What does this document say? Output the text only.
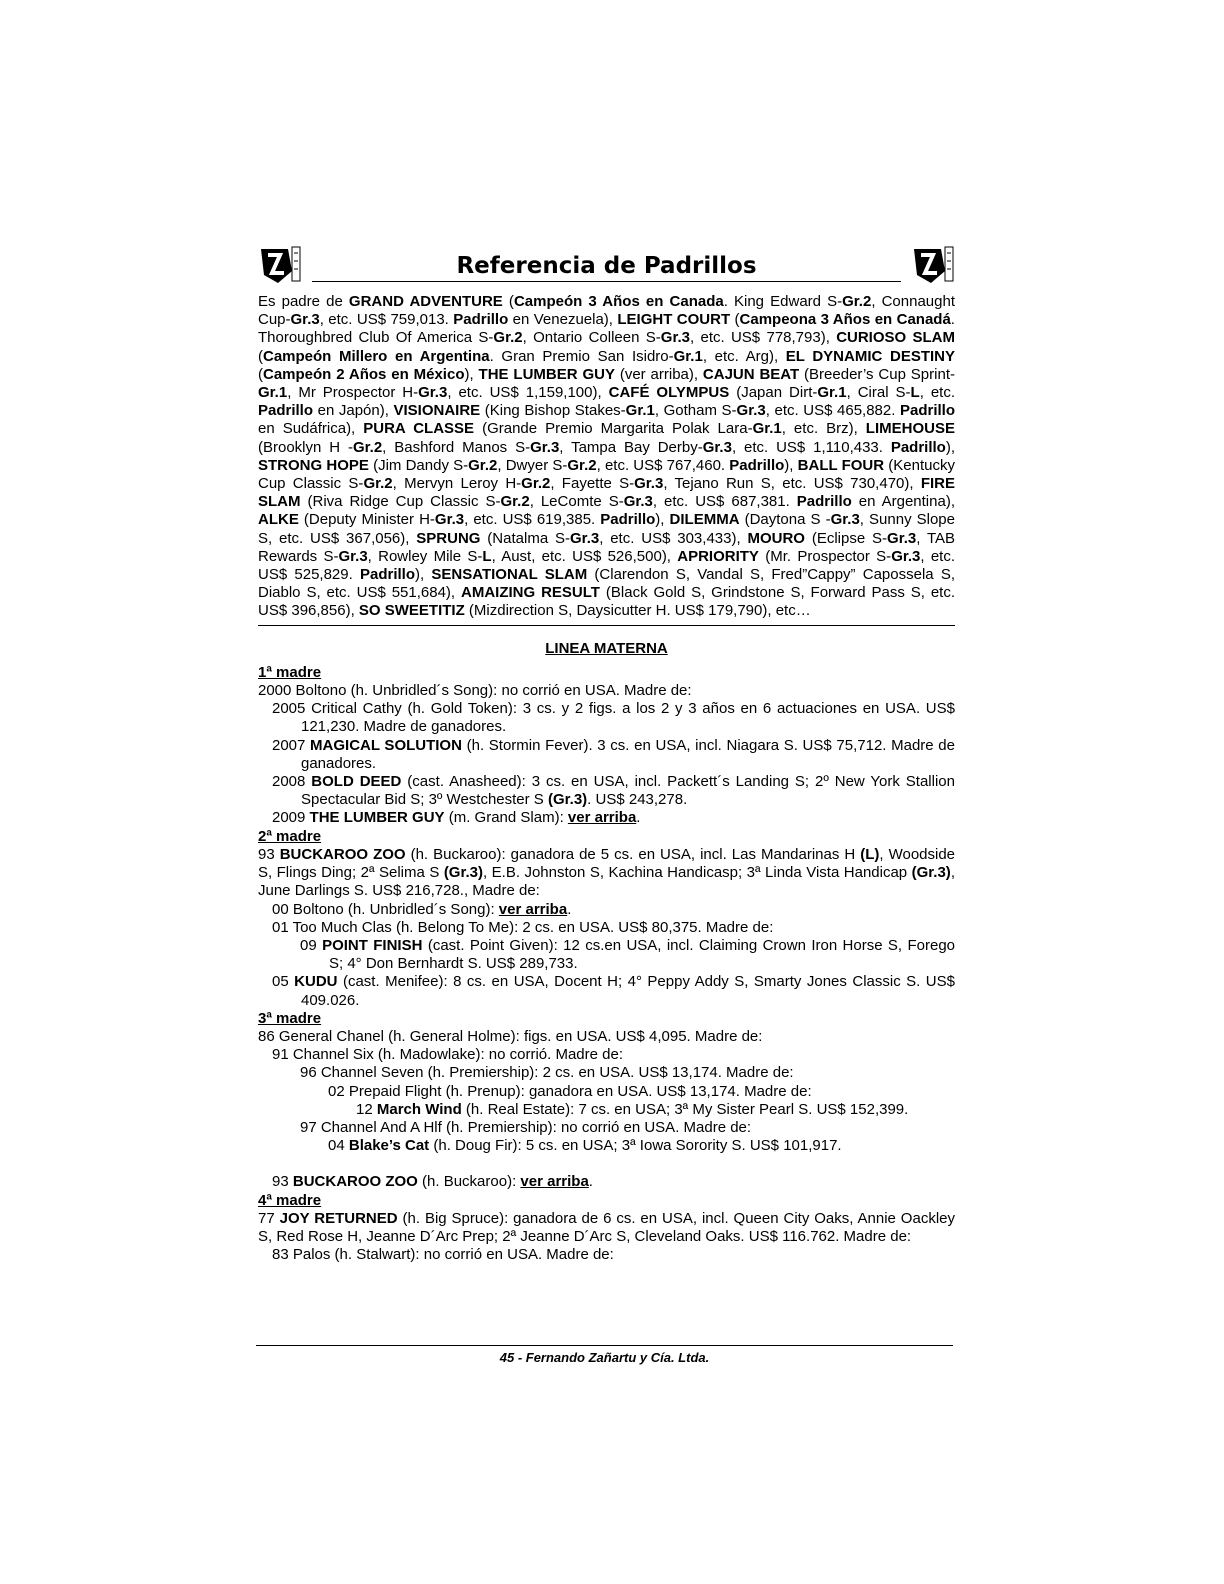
Referencia de Padrillos

Es padre de GRAND ADVENTURE (Campeón 3 Años en Canada. King Edward S-Gr.2, Connaught Cup-Gr.3, etc. US$ 759,013. Padrillo en Venezuela), LEIGHT COURT (Campeona 3 Años en Canadá. Thoroughbred Club Of America S-Gr.2, Ontario Colleen S-Gr.3, etc. US$ 778,793), CURIOSO SLAM (Campeón Millero en Argentina. Gran Premio San Isidro-Gr.1, etc. Arg), EL DYNAMIC DESTINY (Campeón 2 Años en México), THE LUMBER GUY (ver arriba), CAJUN BEAT (Breeder’s Cup Sprint-Gr.1, Mr Prospector H-Gr.3, etc. US$ 1,159,100), CAFÉ OLYMPUS (Japan Dirt-Gr.1, Ciral S-L, etc. Padrillo en Japón), VISIONAIRE (King Bishop Stakes-Gr.1, Gotham S-Gr.3, etc. US$ 465,882. Padrillo en Sudáfrica), PURA CLASSE (Grande Premio Margarita Polak Lara-Gr.1, etc. Brz), LIMEHOUSE (Brooklyn H -Gr.2, Bashford Manos S-Gr.3, Tampa Bay Derby-Gr.3, etc. US$ 1,110,433. Padrillo), STRONG HOPE (Jim Dandy S-Gr.2, Dwyer S-Gr.2, etc. US$ 767,460. Padrillo), BALL FOUR (Kentucky Cup Classic S-Gr.2, Mervyn Leroy H-Gr.2, Fayette S-Gr.3, Tejano Run S, etc. US$ 730,470), FIRE SLAM (Riva Ridge Cup Classic S-Gr.2, LeComte S-Gr.3, etc. US$ 687,381. Padrillo en Argentina), ALKE (Deputy Minister H-Gr.3, etc. US$ 619,385. Padrillo), DILEMMA (Daytona S -Gr.3, Sunny Slope S, etc. US$ 367,056), SPRUNG (Natalma S-Gr.3, etc. US$ 303,433), MOURO (Eclipse S-Gr.3, TAB Rewards S-Gr.3, Rowley Mile S-L, Aust, etc. US$ 526,500), APRIORITY (Mr. Prospector S-Gr.3, etc. US$ 525,829. Padrillo), SENSATIONAL SLAM (Clarendon S, Vandal S, Fred”Cappy” Capossela S, Diablo S, etc. US$ 551,684), AMAIZING RESULT (Black Gold S, Grindstone S, Forward Pass S, etc. US$ 396,856), SO SWEETITIZ (Mizdirection S, Daysicutter H. US$ 179,790), etc…

LINEA MATERNA
1ª madre
2000 Boltono (h. Unbridled´s Song): no corrió en USA. Madre de:
2005 Critical Cathy (h. Gold Token): 3 cs. y 2 figs. a los 2 y 3 años en 6 actuaciones en USA. US$ 121,230. Madre de ganadores.
2007 MAGICAL SOLUTION (h. Stormin Fever). 3 cs. en USA, incl. Niagara S. US$ 75,712. Madre de ganadores.
2008 BOLD DEED (cast. Anasheed): 3 cs. en USA, incl. Packett´s Landing S; 2º New York Stallion Spectacular Bid S; 3º Westchester S (Gr.3). US$ 243,278.
2009 THE LUMBER GUY (m. Grand Slam): ver arriba.
2ª madre
93 BUCKAROO ZOO (h. Buckaroo): ganadora de 5 cs. en USA, incl. Las Mandarinas H (L), Woodside S, Flings Ding; 2ª Selima S (Gr.3), E.B. Johnston S, Kachina Handicasp; 3ª Linda Vista Handicap (Gr.3), June Darlings S. US$ 216,728., Madre de:
00 Boltono (h. Unbridled´s Song): ver arriba.
01 Too Much Clas (h. Belong To Me): 2 cs. en USA. US$ 80,375. Madre de:
09 POINT FINISH (cast. Point Given): 12 cs.en USA, incl. Claiming Crown Iron Horse S, Forego S; 4° Don Bernhardt S. US$ 289,733.
05 KUDU (cast. Menifee): 8 cs. en USA, Docent H; 4° Peppy Addy S, Smarty Jones Classic S. US$ 409.026.
3ª madre
86 General Chanel (h. General Holme): figs. en USA. US$ 4,095. Madre de:
91 Channel Six (h. Madowlake): no corrió. Madre de:
96 Channel Seven (h. Premiership): 2 cs. en USA. US$ 13,174. Madre de:
02 Prepaid Flight (h. Prenup): ganadora en USA. US$ 13,174. Madre de:
12 March Wind (h. Real Estate): 7 cs. en USA; 3ª My Sister Pearl S. US$ 152,399.
97 Channel And A Hlf (h. Premiership): no corrió en USA. Madre de:
04 Blake’s Cat (h. Doug Fir): 5 cs. en USA; 3ª Iowa Sorority S. US$ 101,917.
93 BUCKAROO ZOO (h. Buckaroo): ver arriba.
4ª madre
77 JOY RETURNED (h. Big Spruce): ganadora de 6 cs. en USA, incl. Queen City Oaks, Annie Oackley S, Red Rose H, Jeanne D´Arc Prep; 2ª Jeanne D´Arc S, Cleveland Oaks. US$ 116.762. Madre de:
83 Palos (h. Stalwart): no corrió en USA. Madre de:
45 - Fernando Zañartu y Cía. Ltda.
